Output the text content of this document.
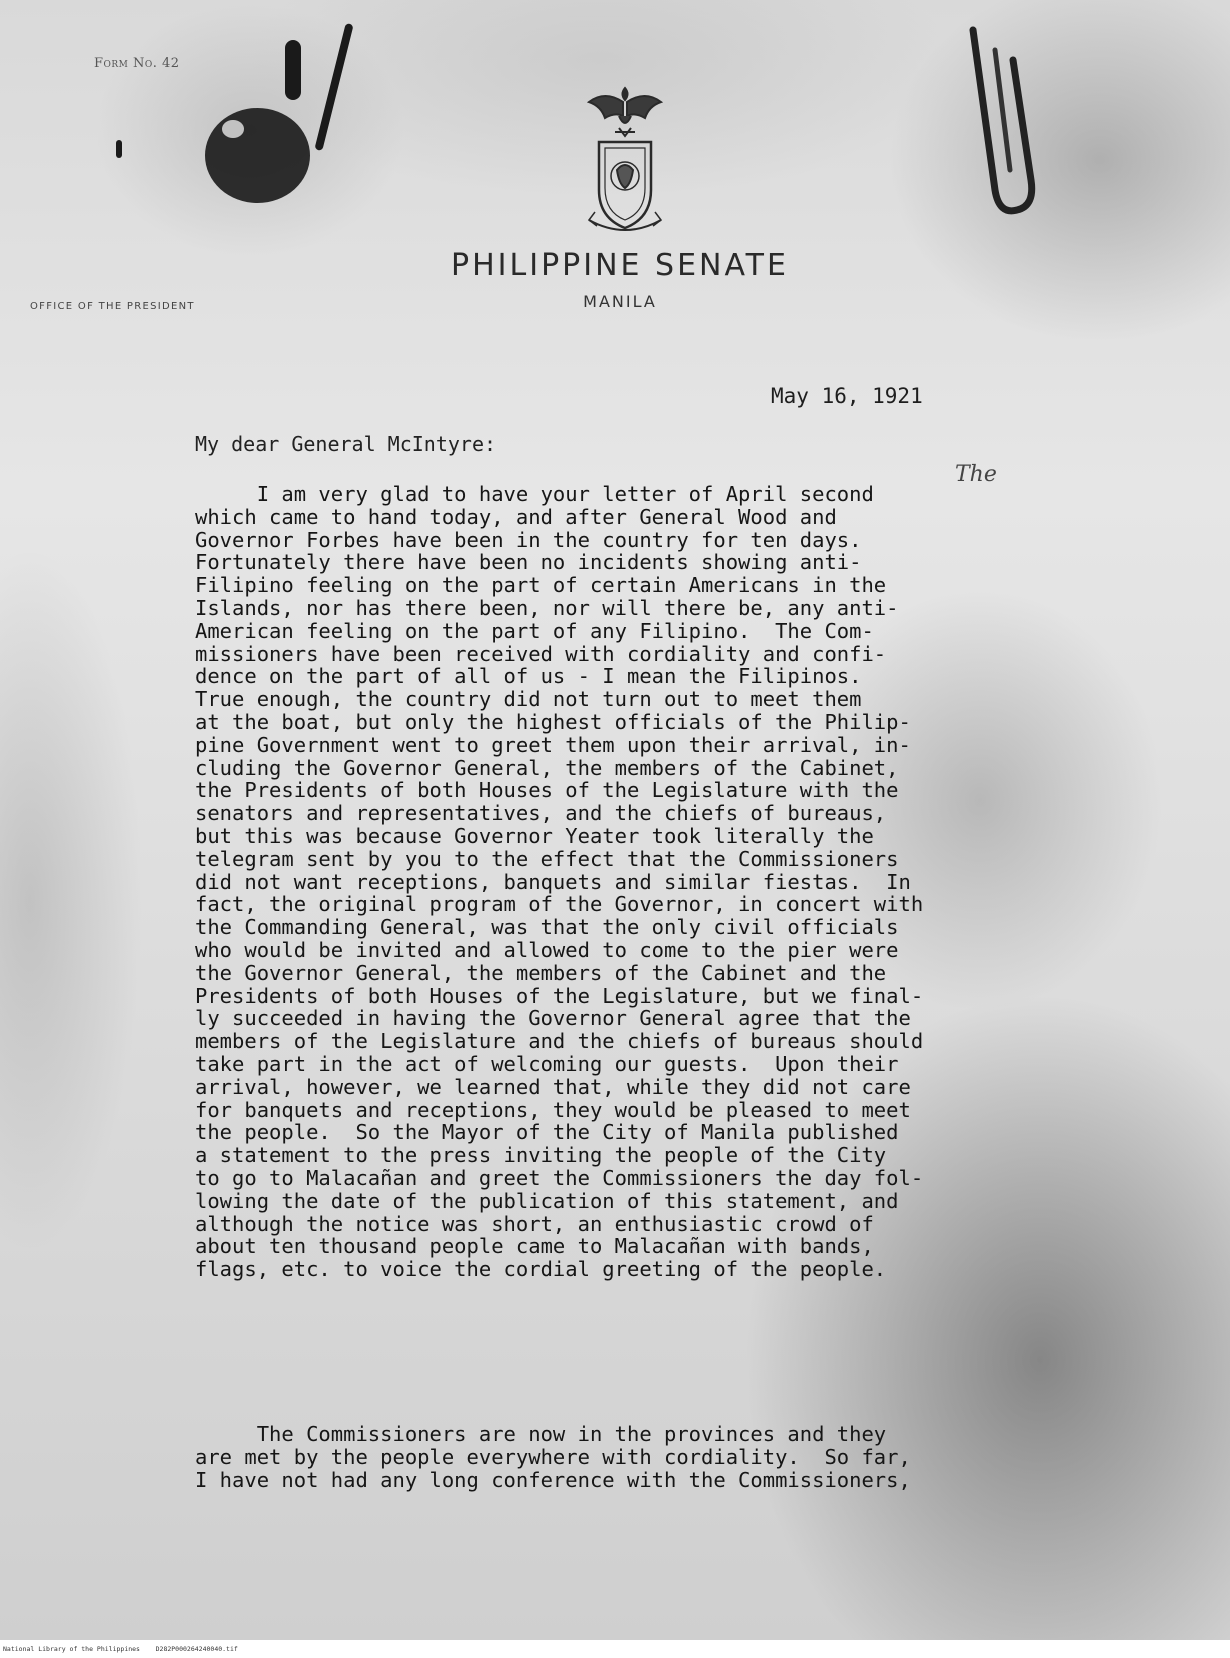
Form No. 42
PHILIPPINE SENATE
MANILA
OFFICE OF THE PRESIDENT
May 16, 1921
My dear General McIntyre:
The
I am very glad to have your letter of April second
which came to hand today, and after General Wood and
Governor Forbes have been in the country for ten days.
Fortunately there have been no incidents showing anti-
Filipino feeling on the part of certain Americans in the
Islands, nor has there been, nor will there be, any anti-
American feeling on the part of any Filipino.  The Com-
missioners have been received with cordiality and confi-
dence on the part of all of us - I mean the Filipinos.
True enough, the country did not turn out to meet them
at the boat, but only the highest officials of the Philip-
pine Government went to greet them upon their arrival, in-
cluding the Governor General, the members of the Cabinet,
the Presidents of both Houses of the Legislature with the
senators and representatives, and the chiefs of bureaus,
but this was because Governor Yeater took literally the
telegram sent by you to the effect that the Commissioners
did not want receptions, banquets and similar fiestas.  In
fact, the original program of the Governor, in concert with
the Commanding General, was that the only civil officials
who would be invited and allowed to come to the pier were
the Governor General, the members of the Cabinet and the
Presidents of both Houses of the Legislature, but we final-
ly succeeded in having the Governor General agree that the
members of the Legislature and the chiefs of bureaus should
take part in the act of welcoming our guests.  Upon their
arrival, however, we learned that, while they did not care
for banquets and receptions, they would be pleased to meet
the people.  So the Mayor of the City of Manila published
a statement to the press inviting the people of the City
to go to Malacañan and greet the Commissioners the day fol-
lowing the date of the publication of this statement, and
although the notice was short, an enthusiastic crowd of
about ten thousand people came to Malacañan with bands,
flags, etc. to voice the cordial greeting of the people.
The Commissioners are now in the provinces and they
are met by the people everywhere with cordiality.  So far,
I have not had any long conference with the Commissioners,
National Library of the Philippines    D282P000264240040.tif
